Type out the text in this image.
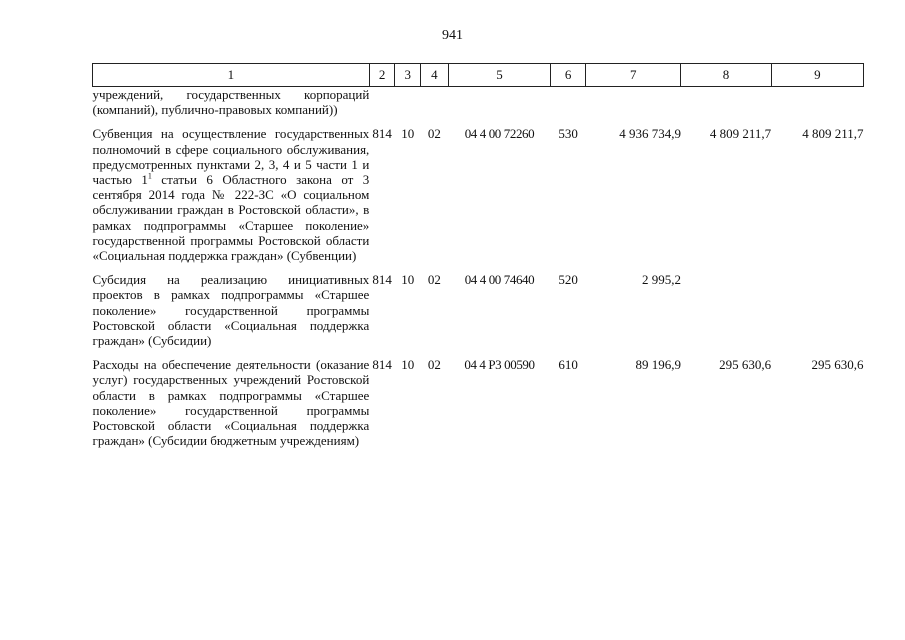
941
1	2	3	4	5	6	7	8	9
учреждений, государственных корпораций (компаний), публично-правовых компаний))								

Субвенция на осуществление государственных полномочий в сфере социального обслуживания, предусмотренных пунктами 2, 3, 4 и 5 части 1 и частью $1^1$ статьи 6 Областного закона от 3 сентября 2014 года № 222-ЗС «О социальном обслуживании граждан в Ростовской области», в рамках подпрограммы «Старшее поколение» государственной программы Ростовской области «Социальная поддержка граждан» (Субвенции)	814	10	02	04 4 00 72260	530	4 936 734,9	4 809 211,7	4 809 211,7

Субсидия на реализацию инициативных проектов в рамках подпрограммы «Старшее поколение» государственной программы Ростовской области «Социальная поддержка граждан» (Субсидии)	814	10	02	04 4 00 74640	520	2 995,2		

Расходы на обеспечение деятельности (оказание услуг) государственных учреждений Ростовской области в рамках подпрограммы «Старшее поколение» государственной программы Ростовской области «Социальная поддержка граждан» (Субсидии бюджетным учреждениям)	814	10	02	04 4 P3 00590	610	89 196,9	295 630,6	295 630,6
